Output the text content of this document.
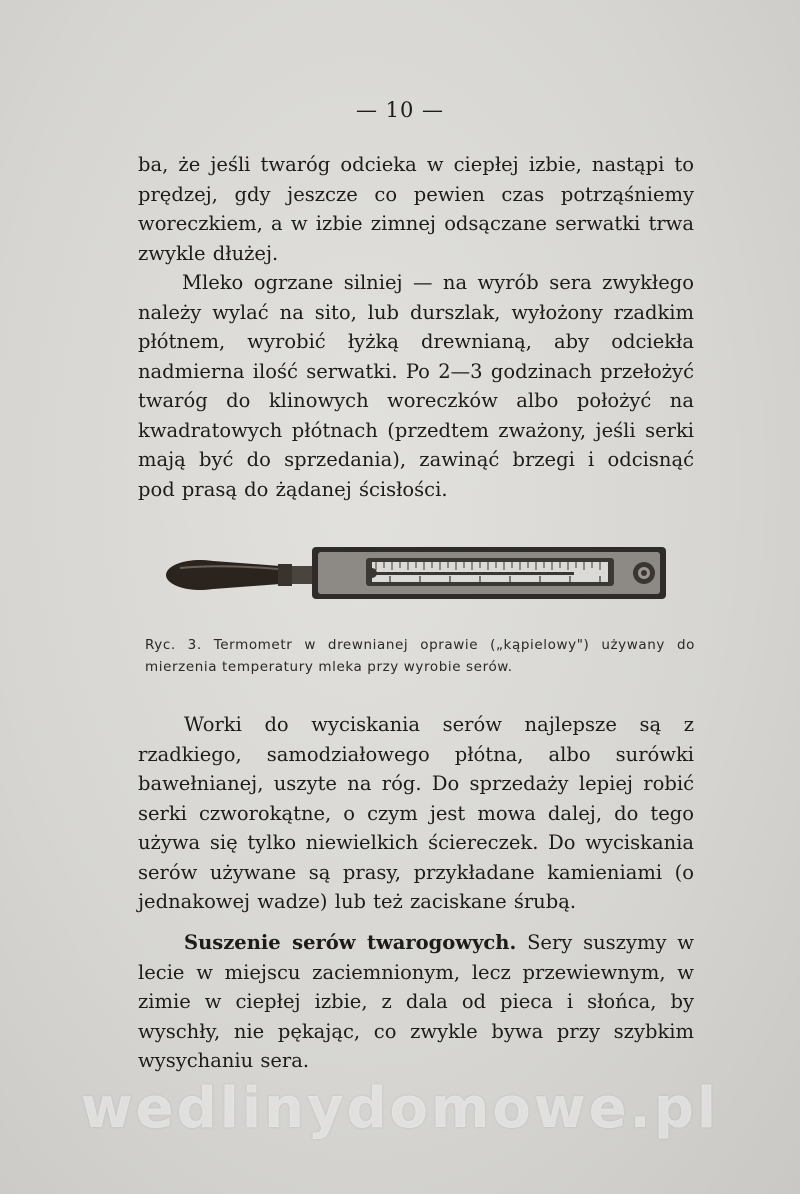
— 10 —

ba, że jeśli twaróg odcieka w ciepłej izbie, nastąpi to prędzej, gdy jeszcze co pewien czas potrząśniemy woreczkiem, a w izbie zimnej odsączane serwatki trwa zwykle dłużej.

Mleko ogrzane silniej — na wyrób sera zwykłego należy wylać na sito, lub durszlak, wyłożony rzadkim płótnem, wyrobić łyżką drewnianą, aby odciekła nadmierna ilość serwatki. Po 2—3 godzinach przełożyć twaróg do klinowych woreczków albo położyć na kwadratowych płótnach (przedtem zważony, jeśli serki mają być do sprzedania), zawinąć brzegi i odcisnąć pod prasą do żądanej ścisłości.

Ryc. 3. Termometr w drewnianej oprawie („kąpielowy") używany do mierzenia temperatury mleka przy wyrobie serów.

Worki do wyciskania serów najlepsze są z rzadkiego, samodziałowego płótna, albo surówki bawełnianej, uszyte na róg. Do sprzedaży lepiej robić serki czworokątne, o czym jest mowa dalej, do tego używa się tylko niewielkich ściereczek. Do wyciskania serów używane są prasy, przykładane kamieniami (o jednakowej wadze) lub też zaciskane śrubą.

Suszenie serów twarogowych. Sery suszymy w lecie w miejscu zaciemnionym, lecz przewiewnym, w zimie w ciepłej izbie, z dala od pieca i słońca, by wyschły, nie pękając, co zwykle bywa przy szybkim wysychaniu sera.

wedlinydomowe.pl
